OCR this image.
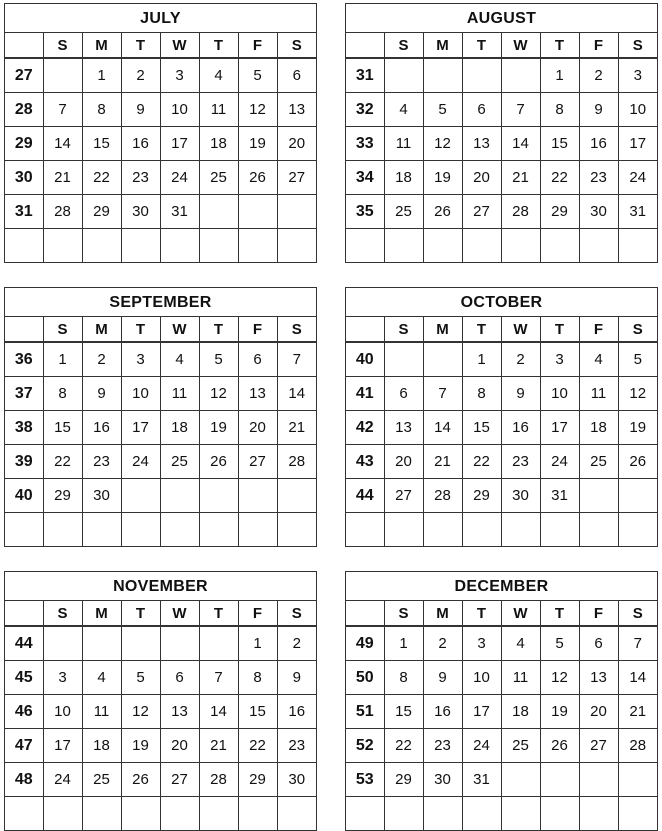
JULY
	S	M	T	W	T	F	S
27		1	2	3	4	5	6
28	7	8	9	10	11	12	13
29	14	15	16	17	18	19	20
30	21	22	23	24	25	26	27
31	28	29	30	31			

AUGUST
	S	M	T	W	T	F	S
31					1	2	3
32	4	5	6	7	8	9	10
33	11	12	13	14	15	16	17
34	18	19	20	21	22	23	24
35	25	26	27	28	29	30	31

SEPTEMBER
	S	M	T	W	T	F	S
36	1	2	3	4	5	6	7
37	8	9	10	11	12	13	14
38	15	16	17	18	19	20	21
39	22	23	24	25	26	27	28
40	29	30					

OCTOBER
	S	M	T	W	T	F	S
40			1	2	3	4	5
41	6	7	8	9	10	11	12
42	13	14	15	16	17	18	19
43	20	21	22	23	24	25	26
44	27	28	29	30	31		

NOVEMBER
	S	M	T	W	T	F	S
44						1	2
45	3	4	5	6	7	8	9
46	10	11	12	13	14	15	16
47	17	18	19	20	21	22	23
48	24	25	26	27	28	29	30

DECEMBER
	S	M	T	W	T	F	S
49	1	2	3	4	5	6	7
50	8	9	10	11	12	13	14
51	15	16	17	18	19	20	21
52	22	23	24	25	26	27	28
53	29	30	31				
